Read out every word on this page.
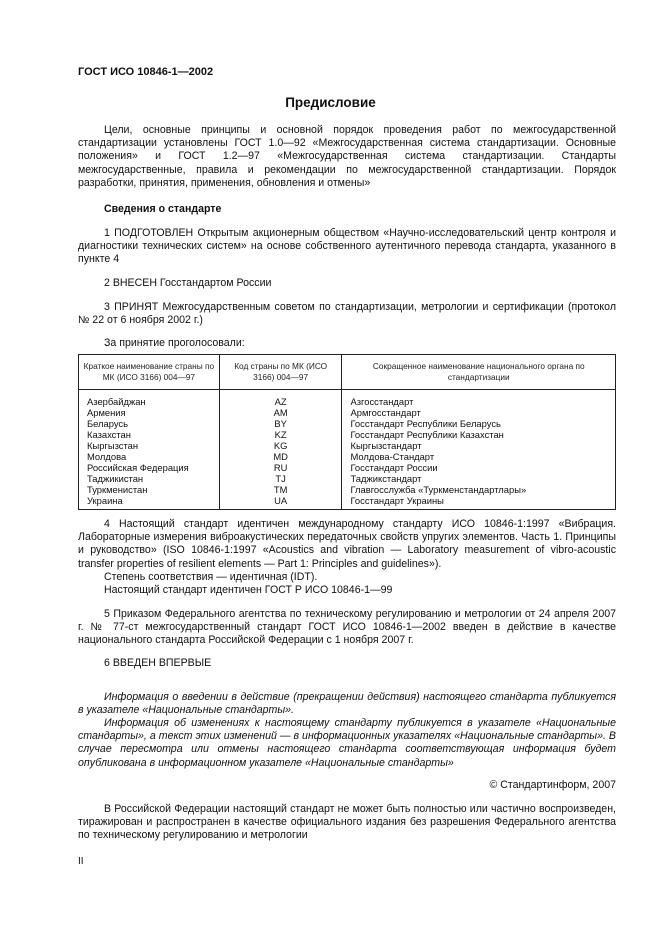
ГОСТ ИСО 10846-1—2002
Предисловие
Цели, основные принципы и основной порядок проведения работ по межгосударственной стандартизации установлены ГОСТ 1.0—92 «Межгосударственная система стандартизации. Основные положения» и ГОСТ 1.2—97 «Межгосударственная система стандартизации. Стандарты межгосударственные, правила и рекомендации по межгосударственной стандартизации. Порядок разработки, принятия, применения, обновления и отмены»
Сведения о стандарте
1 ПОДГОТОВЛЕН Открытым акционерным обществом «Научно-исследовательский центр контроля и диагностики технических систем» на основе собственного аутентичного перевода стандарта, указанного в пункте 4
2 ВНЕСЕН Госстандартом России
3 ПРИНЯТ Межгосударственным советом по стандартизации, метрологии и сертификации (протокол № 22 от 6 ноября 2002 г.)
За принятие проголосовали:
Краткое наименование страны по МК (ИСО 3166) 004—97	Код страны по МК (ИСО 3166) 004—97	Сокращенное наименование национального органа по стандартизации
Азербайджан	AZ	Азгосстандарт
Армения	AM	Армгосстандарт
Беларусь	BY	Госстандарт Республики Беларусь
Казахстан	KZ	Госстандарт Республики Казахстан
Кыргызстан	KG	Кыргызстандарт
Молдова	MD	Молдова-Стандарт
Российская Федерация	RU	Госстандарт России
Таджикистан	TJ	Таджикстандарт
Туркменистан	TM	Главгосслужба «Туркменстандартлары»
Украина	UA	Госстандарт Украины
4 Настоящий стандарт идентичен международному стандарту ИСО 10846-1:1997 «Вибрация. Лабораторные измерения виброакустических передаточных свойств упругих элементов. Часть 1. Принципы и руководство» (ISO 10846-1:1997 «Acoustics and vibration — Laboratory measurement of vibro-acoustic transfer properties of resilient elements — Part 1: Principles and guidelines»).
Степень соответствия — идентичная (IDT).
Настоящий стандарт идентичен ГОСТ Р ИСО 10846-1—99
5 Приказом Федерального агентства по техническому регулированию и метрологии от 24 апреля 2007 г. № 77-ст межгосударственный стандарт ГОСТ ИСО 10846-1—2002 введен в действие в качестве национального стандарта Российской Федерации с 1 ноября 2007 г.
6 ВВЕДЕН ВПЕРВЫЕ
Информация о введении в действие (прекращении действия) настоящего стандарта публикуется в указателе «Национальные стандарты».
Информация об изменениях к настоящему стандарту публикуется в указателе «Национальные стандарты», а текст этих изменений — в информационных указателях «Национальные стандарты». В случае пересмотра или отмены настоящего стандарта соответствующая информация будет опубликована в информационном указателе «Национальные стандарты»
© Стандартинформ, 2007
В Российской Федерации настоящий стандарт не может быть полностью или частично воспроизведен, тиражирован и распространен в качестве официального издания без разрешения Федерального агентства по техническому регулированию и метрологии
II
